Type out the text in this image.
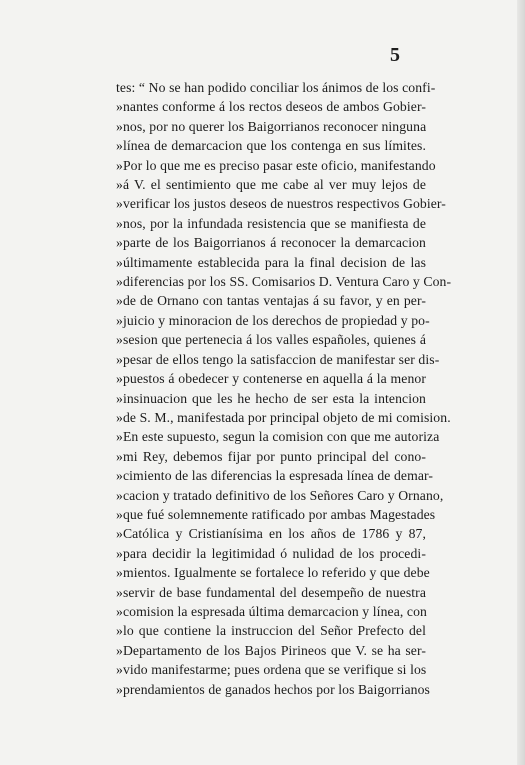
5
tes: “ No se han podido conciliar los ánimos de los confi-
»nantes conforme á los rectos deseos de ambos Gobier-
»nos, por no querer los Baigorrianos reconocer ninguna
»línea de demarcacion que los contenga en sus límites.
»Por lo que me es preciso pasar este oficio, manifestando
»á V. el sentimiento que me cabe al ver muy lejos de
»verificar los justos deseos de nuestros respectivos Gobier-
»nos, por la infundada resistencia que se manifiesta de
»parte de los Baigorrianos á reconocer la demarcacion
»últimamente establecida para la final decision de las
»diferencias por los SS. Comisarios D. Ventura Caro y Con-
»de de Ornano con tantas ventajas á su favor, y en per-
»juicio y minoracion de los derechos de propiedad y po-
»sesion que pertenecia á los valles españoles, quienes á
»pesar de ellos tengo la satisfaccion de manifestar ser dis-
»puestos á obedecer y contenerse en aquella á la menor
»insinuacion que les he hecho de ser esta la intencion
»de S. M., manifestada por principal objeto de mi comision.
»En este supuesto, segun la comision con que me autoriza
»mi Rey, debemos fijar por punto principal del cono-
»cimiento de las diferencias la espresada línea de demar-
»cacion y tratado definitivo de los Señores Caro y Ornano,
»que fué solemnemente ratificado por ambas Magestades
»Católica y Cristianísima en los años de 1786 y 87,
»para decidir la legitimidad ó nulidad de los procedi-
»mientos. Igualmente se fortalece lo referido y que debe
»servir de base fundamental del desempeño de nuestra
»comision la espresada última demarcacion y línea, con
»lo que contiene la instruccion del Señor Prefecto del
»Departamento de los Bajos Pirineos que V. se ha ser-
»vido manifestarme; pues ordena que se verifique si los
»prendamientos de ganados hechos por los Baigorrianos
